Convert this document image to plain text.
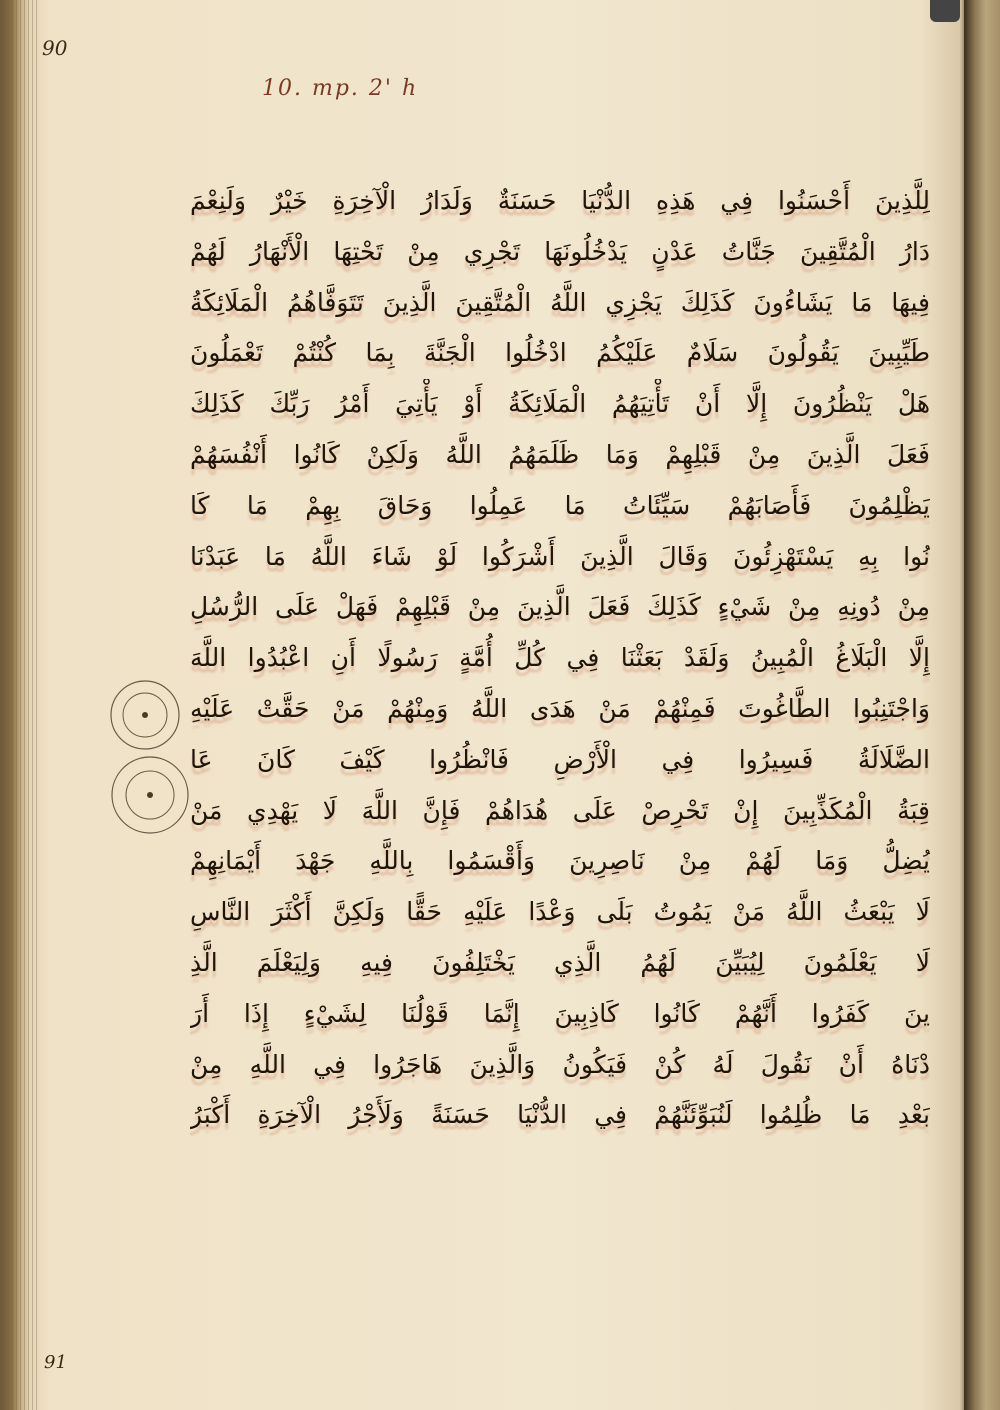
90
10. mp. 2' h
لِلَّذِينَ أَحْسَنُوا فِي هَذِهِ الدُّنْيَا حَسَنَةٌ وَلَدَارُ الْآخِرَةِ خَيْرٌ وَلَنِعْمَ
دَارُ الْمُتَّقِينَ جَنَّاتُ عَدْنٍ يَدْخُلُونَهَا تَجْرِي مِنْ تَحْتِهَا الْأَنْهَارُ لَهُمْ
فِيهَا مَا يَشَاءُونَ كَذَلِكَ يَجْزِي اللَّهُ الْمُتَّقِينَ الَّذِينَ تَتَوَفَّاهُمُ الْمَلَائِكَةُ
طَيِّبِينَ يَقُولُونَ سَلَامٌ عَلَيْكُمُ ادْخُلُوا الْجَنَّةَ بِمَا كُنْتُمْ تَعْمَلُونَ
هَلْ يَنْظُرُونَ إِلَّا أَنْ تَأْتِيَهُمُ الْمَلَائِكَةُ أَوْ يَأْتِيَ أَمْرُ رَبِّكَ كَذَلِكَ
فَعَلَ الَّذِينَ مِنْ قَبْلِهِمْ وَمَا ظَلَمَهُمُ اللَّهُ وَلَكِنْ كَانُوا أَنْفُسَهُمْ
يَظْلِمُونَ فَأَصَابَهُمْ سَيِّئَاتُ مَا عَمِلُوا وَحَاقَ بِهِمْ مَا كَا
نُوا بِهِ يَسْتَهْزِئُونَ وَقَالَ الَّذِينَ أَشْرَكُوا لَوْ شَاءَ اللَّهُ مَا عَبَدْنَا
مِنْ دُونِهِ مِنْ شَيْءٍ كَذَلِكَ فَعَلَ الَّذِينَ مِنْ قَبْلِهِمْ فَهَلْ عَلَى الرُّسُلِ
إِلَّا الْبَلَاغُ الْمُبِينُ وَلَقَدْ بَعَثْنَا فِي كُلِّ أُمَّةٍ رَسُولًا أَنِ اعْبُدُوا اللَّهَ
وَاجْتَنِبُوا الطَّاغُوتَ فَمِنْهُمْ مَنْ هَدَى اللَّهُ وَمِنْهُمْ مَنْ حَقَّتْ عَلَيْهِ
الضَّلَالَةُ فَسِيرُوا فِي الْأَرْضِ فَانْظُرُوا كَيْفَ كَانَ عَا
قِبَةُ الْمُكَذِّبِينَ إِنْ تَحْرِصْ عَلَى هُدَاهُمْ فَإِنَّ اللَّهَ لَا يَهْدِي مَنْ
يُضِلُّ وَمَا لَهُمْ مِنْ نَاصِرِينَ وَأَقْسَمُوا بِاللَّهِ جَهْدَ أَيْمَانِهِمْ
لَا يَبْعَثُ اللَّهُ مَنْ يَمُوتُ بَلَى وَعْدًا عَلَيْهِ حَقًّا وَلَكِنَّ أَكْثَرَ النَّاسِ
لَا يَعْلَمُونَ لِيُبَيِّنَ لَهُمُ الَّذِي يَخْتَلِفُونَ فِيهِ وَلِيَعْلَمَ الَّذِ
ينَ كَفَرُوا أَنَّهُمْ كَانُوا كَاذِبِينَ إِنَّمَا قَوْلُنَا لِشَيْءٍ إِذَا أَرَ
دْنَاهُ أَنْ نَقُولَ لَهُ كُنْ فَيَكُونُ وَالَّذِينَ هَاجَرُوا فِي اللَّهِ مِنْ
بَعْدِ مَا ظُلِمُوا لَنُبَوِّئَنَّهُمْ فِي الدُّنْيَا حَسَنَةً وَلَأَجْرُ الْآخِرَةِ أَكْبَرُ
91
